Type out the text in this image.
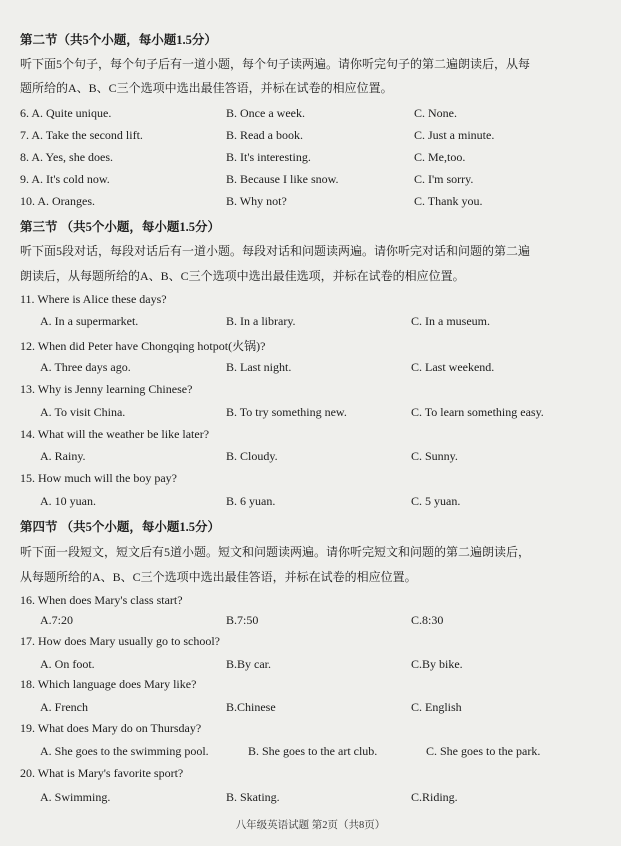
第二节（共5个小题，每小题1.5分）
听下面5个句子，每个句子后有一道小题，每个句子读两遍。请你听完句子的第二遍朗读后，从每
题所给的A、B、C三个选项中选出最佳答语，并标在试卷的相应位置。
6. A. Quite unique.	B. Once a week.	C. None.
7. A. Take the second lift.	B. Read a book.	C. Just a minute.
8. A. Yes, she does.	B. It's interesting.	C. Me,too.
9. A. It's cold now.	B. Because I like snow.	C. I'm sorry.
10. A. Oranges.	B. Why not?	C. Thank you.
第三节 （共5个小题，每小题1.5分）
听下面5段对话，每段对话后有一道小题。每段对话和问题读两遍。请你听完对话和问题的第二遍
朗读后，从每题所给的A、B、C三个选项中选出最佳选项，并标在试卷的相应位置。
11. Where is Alice these days?
A. In a supermarket.	B. In a library.	C. In a museum.
12. When did Peter have Chongqing hotpot(火锅)?
A. Three days ago.	B. Last night.	C. Last weekend.
13. Why is Jenny learning Chinese?
A. To visit China.	B. To try something new.	C. To learn something easy.
14. What will the weather be like later?
A. Rainy.	B. Cloudy.	C. Sunny.
15. How much will the boy pay?
A. 10 yuan.	B. 6 yuan.	C. 5 yuan.
第四节 （共5个小题，每小题1.5分）
听下面一段短文，短文后有5道小题。短文和问题读两遍。请你听完短文和问题的第二遍朗读后，
从每题所给的A、B、C三个选项中选出最佳答语，并标在试卷的相应位置。
16. When does Mary's class start?
A.7:20	B.7:50	C.8:30
17. How does Mary usually go to school?
A. On foot.	B.By car.	C.By bike.
18. Which language does Mary like?
A. French	B.Chinese	C. English
19. What does Mary do on Thursday?
A. She goes to the swimming pool.	B. She goes to the art club.	C. She goes to the park.
20. What is Mary's favorite sport?
A. Swimming.	B. Skating.	C.Riding.
八年级英语试题 第2页（共8页）
